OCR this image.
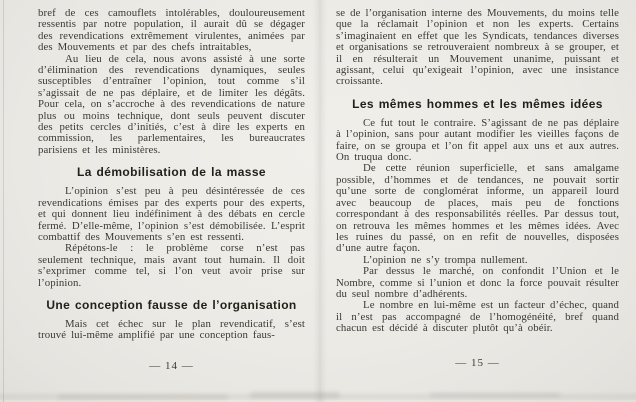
bref de ces camouflets intolérables, douloureusement ressentis par notre population, il aurait dû se dégager des revendications extrêmement virulentes, animées par des Mouvements et par des chefs intraitables,

Au lieu de cela, nous avons assisté à une sorte d’élimination des revendications dynamiques, seules susceptibles d’entraîner l’opinion, tout comme s’il s’agissait de ne pas déplaire, et de limiter les dégâts. Pour cela, on s’accroche à des revendications de nature plus ou moins technique, dont seuls peuvent discuter des petits cercles d’initiés, c’est à dire les experts en commission, les parlementaires, les bureaucrates parisiens et les ministères.

La démobilisation de la masse

L’opinion s’est peu à peu désintéressée de ces revendications émises par des experts pour des experts, et qui donnent lieu indéfiniment à des débats en cercle fermé. D’elle-même, l’opinion s’est démobilisée. L’esprit combattif des Mouvements s’en est ressenti.

Répétons-le : le problème corse n’est pas seulement technique, mais avant tout humain. Il doit s’exprimer comme tel, si l’on veut avoir prise sur l’opinion.

Une conception fausse de l’organisation

Mais cet échec sur le plan revendicatif, s’est trouvé lui-même amplifié par une conception faus-

— 14 —

se de l’organisation interne des Mouvements, du moins telle que la réclamait l’opinion et non les experts. Certains s’imaginaient en effet que les Syndicats, tendances diverses et organisations se retrouveraient nombreux à se grouper, et il en résulterait un Mouvement unanime, puissant et agissant, celui qu’exigeait l’opinion, avec une insistance croissante.

Les mêmes hommes et les mêmes idées

Ce fut tout le contraire. S’agissant de ne pas déplaire à l’opinion, sans pour autant modifier les vieilles façons de faire, on se groupa et l’on fit appel aux uns et aux autres. On truqua donc.

De cette réunion superficielle, et sans amalgame possible, d’hommes et de tendances, ne pouvait sortir qu’une sorte de conglomérat informe, un appareil lourd avec beaucoup de places, mais peu de fonctions correspondant à des responsabilités réelles. Par dessus tout, on retrouva les mêmes hommes et les mêmes idées. Avec les ruines du passé, on en refit de nouvelles, disposées d’une autre façon.

L’opinion ne s’y trompa nullement.

Par dessus le marché, on confondit l’Union et le Nombre, comme si l’union et donc la force pouvait résulter du seul nombre d’adhérents.

Le nombre en lui-même est un facteur d’échec, quand il n’est pas accompagné de l’homogénéité, bref quand chacun est décidé à discuter plutôt qu’à obéir.

— 15 —
